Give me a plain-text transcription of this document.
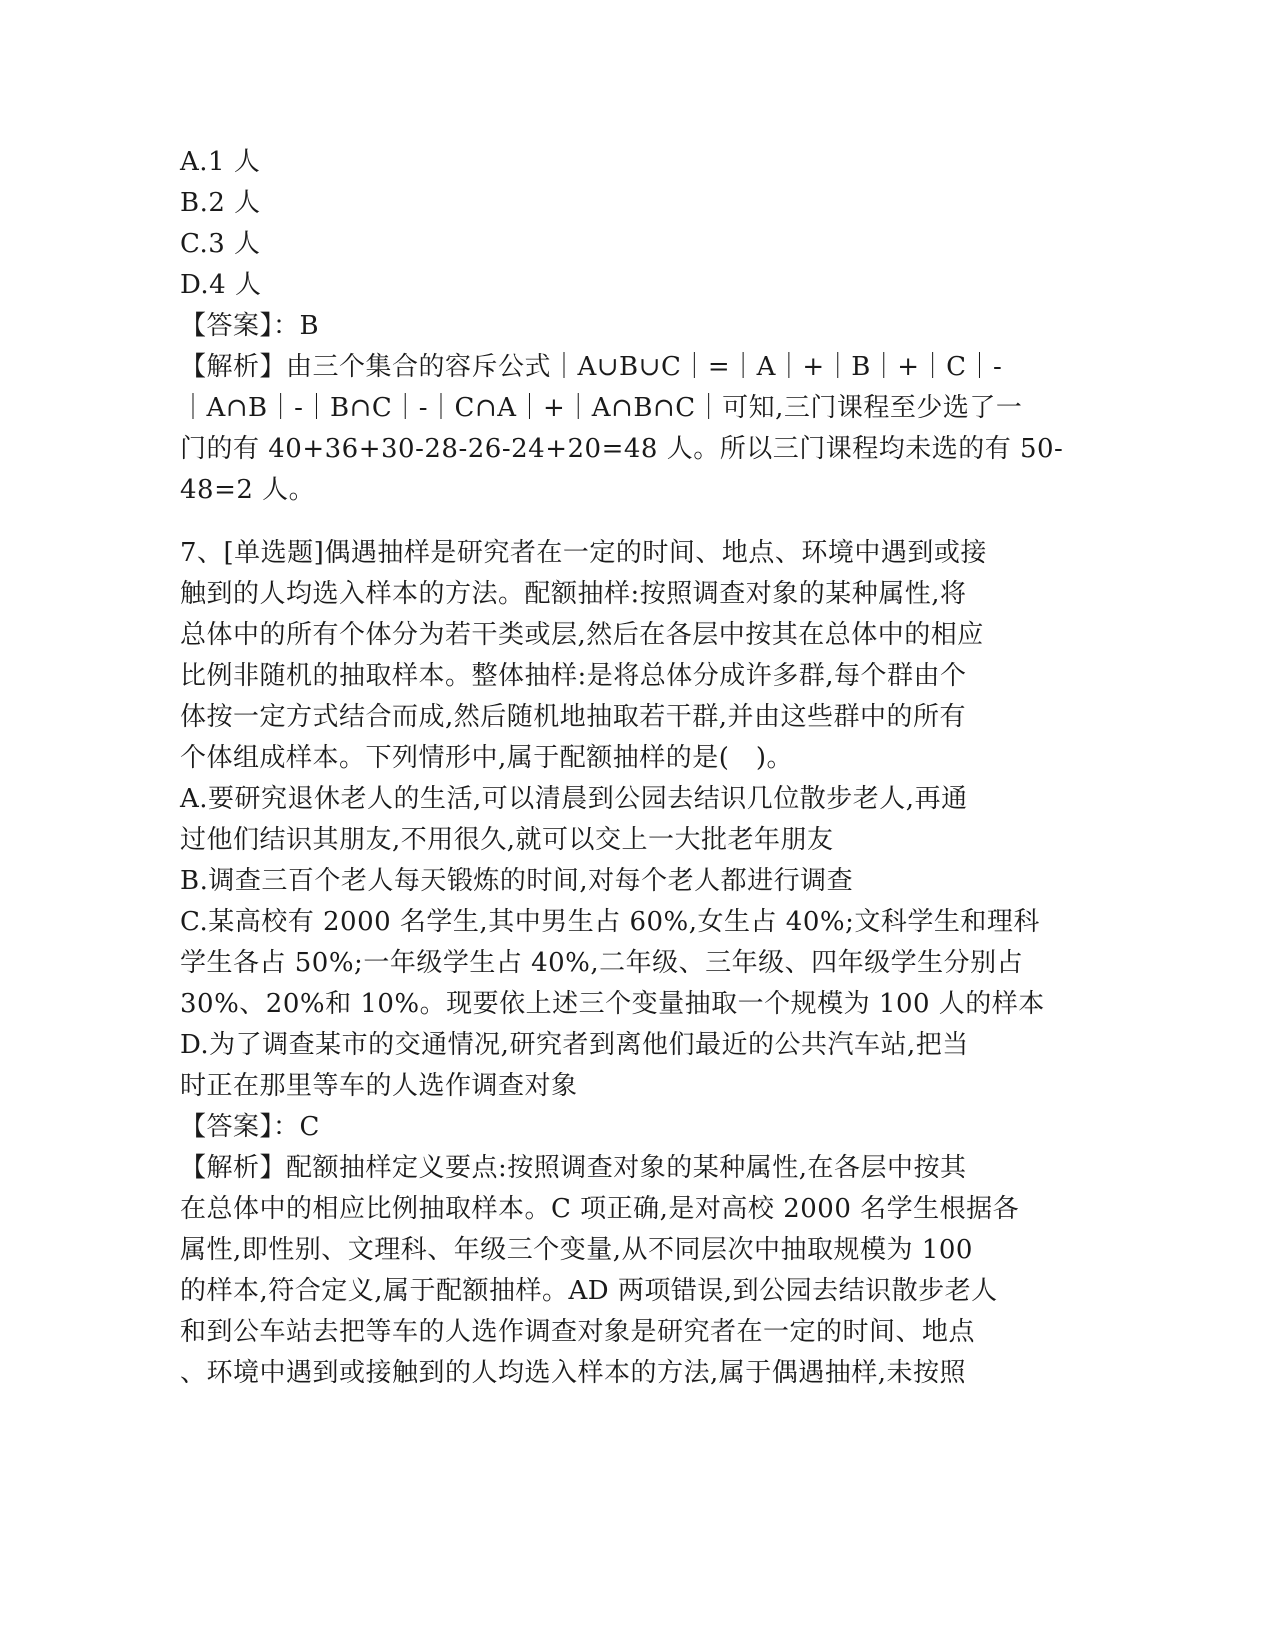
A.1 人
B.2 人
C.3 人
D.4 人
【答案】：B
【解析】由三个集合的容斥公式｜A∪B∪C｜=｜A｜+｜B｜+｜C｜-
｜A∩B｜-｜B∩C｜-｜C∩A｜+｜A∩B∩C｜可知,三门课程至少选了一
门的有 40+36+30-28-26-24+20=48 人。所以三门课程均未选的有 50-
48=2 人。
7、[单选题]偶遇抽样是研究者在一定的时间、地点、环境中遇到或接
触到的人均选入样本的方法。配额抽样:按照调查对象的某种属性,将
总体中的所有个体分为若干类或层,然后在各层中按其在总体中的相应
比例非随机的抽取样本。整体抽样:是将总体分成许多群,每个群由个
体按一定方式结合而成,然后随机地抽取若干群,并由这些群中的所有
个体组成样本。下列情形中,属于配额抽样的是(　)。
A.要研究退休老人的生活,可以清晨到公园去结识几位散步老人,再通
过他们结识其朋友,不用很久,就可以交上一大批老年朋友
B.调查三百个老人每天锻炼的时间,对每个老人都进行调查
C.某高校有 2000 名学生,其中男生占 60%,女生占 40%;文科学生和理科
学生各占 50%;一年级学生占 40%,二年级、三年级、四年级学生分别占
30%、20%和 10%。现要依上述三个变量抽取一个规模为 100 人的样本
D.为了调查某市的交通情况,研究者到离他们最近的公共汽车站,把当
时正在那里等车的人选作调查对象
【答案】：C
【解析】配额抽样定义要点:按照调查对象的某种属性,在各层中按其
在总体中的相应比例抽取样本。C 项正确,是对高校 2000 名学生根据各
属性,即性别、文理科、年级三个变量,从不同层次中抽取规模为 100
的样本,符合定义,属于配额抽样。AD 两项错误,到公园去结识散步老人
和到公车站去把等车的人选作调查对象是研究者在一定的时间、地点
、环境中遇到或接触到的人均选入样本的方法,属于偶遇抽样,未按照
